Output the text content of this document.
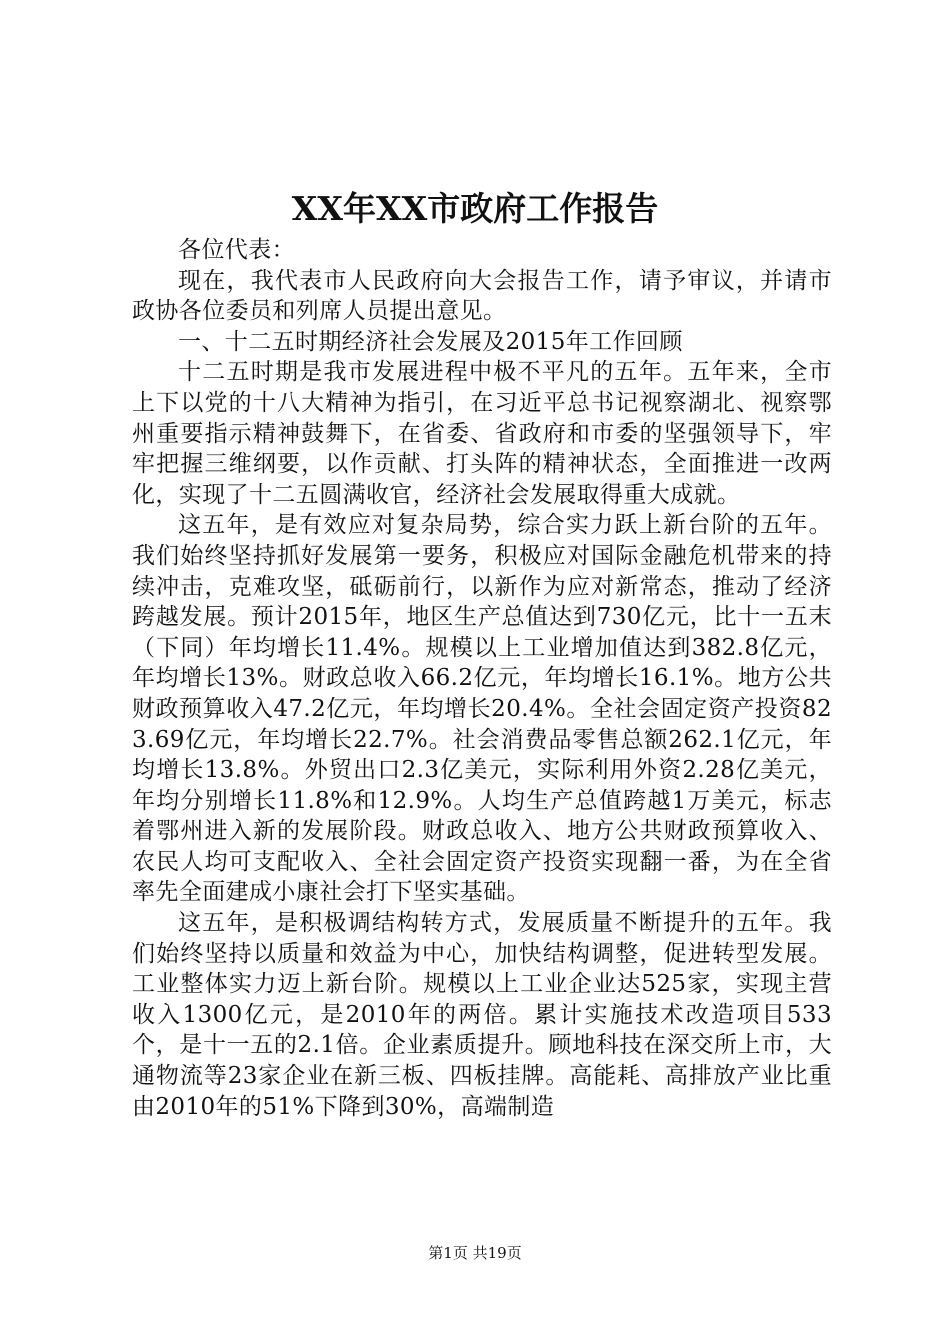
XX年XX市政府工作报告

各位代表：

现在，我代表市人民政府向大会报告工作，请予审议，并请市政协各位委员和列席人员提出意见。

一、十二五时期经济社会发展及2015年工作回顾

十二五时期是我市发展进程中极不平凡的五年。五年来，全市上下以党的十八大精神为指引，在习近平总书记视察湖北、视察鄂州重要指示精神鼓舞下，在省委、省政府和市委的坚强领导下，牢牢把握三维纲要，以作贡献、打头阵的精神状态，全面推进一改两化，实现了十二五圆满收官，经济社会发展取得重大成就。

这五年，是有效应对复杂局势，综合实力跃上新台阶的五年。我们始终坚持抓好发展第一要务，积极应对国际金融危机带来的持续冲击，克难攻坚，砥砺前行，以新作为应对新常态，推动了经济跨越发展。预计2015年，地区生产总值达到730亿元，比十一五末（下同）年均增长11.4%。规模以上工业增加值达到382.8亿元，年均增长13%。财政总收入66.2亿元，年均增长16.1%。地方公共财政预算收入47.2亿元，年均增长20.4%。全社会固定资产投资823.69亿元，年均增长22.7%。社会消费品零售总额262.1亿元，年均增长13.8%。外贸出口2.3亿美元，实际利用外资2.28亿美元，年均分别增长11.8%和12.9%。人均生产总值跨越1万美元，标志着鄂州进入新的发展阶段。财政总收入、地方公共财政预算收入、农民人均可支配收入、全社会固定资产投资实现翻一番，为在全省率先全面建成小康社会打下坚实基础。

这五年，是积极调结构转方式，发展质量不断提升的五年。我们始终坚持以质量和效益为中心，加快结构调整，促进转型发展。工业整体实力迈上新台阶。规模以上工业企业达525家，实现主营收入1300亿元，是2010年的两倍。累计实施技术改造项目533个，是十一五的2.1倍。企业素质提升。顾地科技在深交所上市，大通物流等23家企业在新三板、四板挂牌。高能耗、高排放产业比重由2010年的51%下降到30%，高端制造

第1页 共19页
